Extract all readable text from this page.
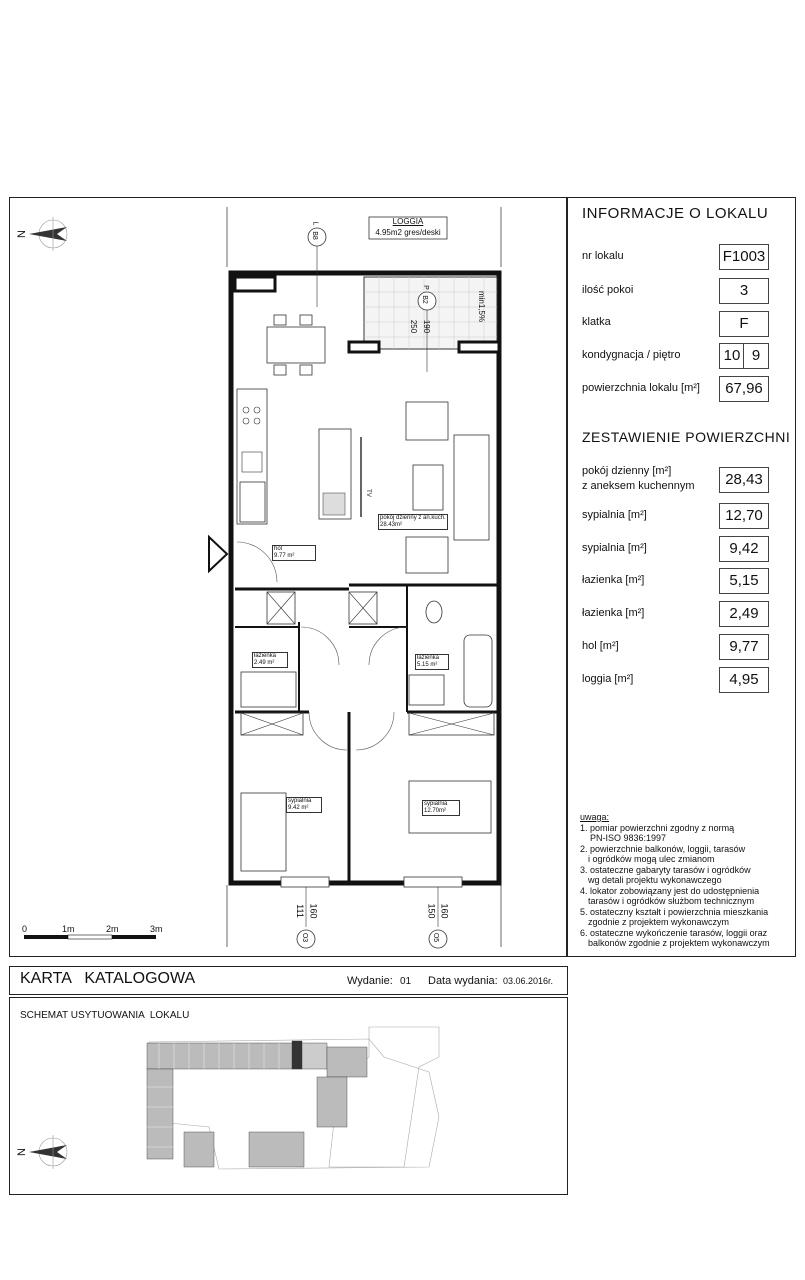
INFORMACJE O LOKALU
nr lokalu	F1003
ilość pokoi	3
klatka	F
kondygnacja / piętro	10 9
powierzchnia lokalu [m²]	67,96
ZESTAWIENIE POWIERZCHNI
pokój dzienny [m²]
z aneksem kuchennym	28,43
sypialnia [m²]	12,70
sypialnia [m²]	9,42
łazienka [m²]	5,15
łazienka [m²]	2,49
hol [m²]	9,77
loggia [m²]	4,95
uwaga:
1. pomiar powierzchni zgodny z normą
PN-ISO 9836:1997
2. powierzchnie balkonów, loggii, tarasów
i ogródków mogą ulec zmianom
3. ostateczne gabaryty tarasów i ogródków
wg detali projektu wykonawczego
4. lokator zobowiązany jest do udostępnienia
tarasów i ogródków służbom technicznym
5. ostateczny kształt i powierzchnia mieszkania
zgodnie z projektem wykonawczym
6. ostateczne wykończenie tarasów, loggii oraz
balkonów zgodnie z projektem wykonawczym
N
LOGGIA
4.95m2 gres/deski
B8
L
B2
P
190
250
min1,5%
TV
pokój dzienny z an.kuch.
28.43m²
hol
9.77 m²
łazienka
2.49 m²
łazienka
5.15 m²
sypialnia
9.42 m²
sypialnia
12.70m²
111 160
O3
150 160
O5
0	1m	2m	3m
KARTA   KATALOGOWA	Wydanie: 01 Data wydania: 03.06.2016r.
SCHEMAT USYTUOWANIA  LOKALU
N
